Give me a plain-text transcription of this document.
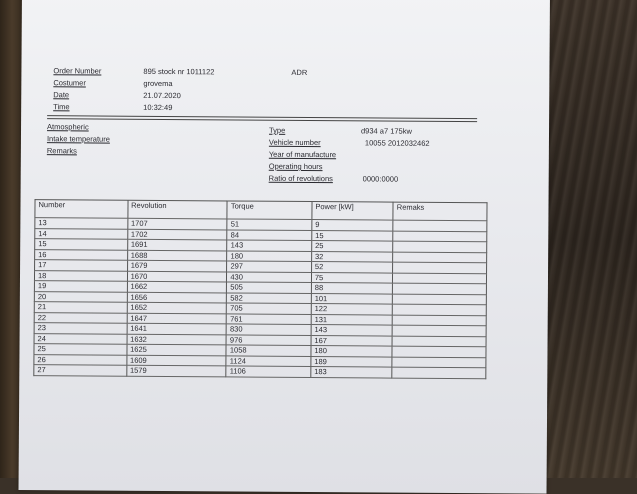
Order Number	895 stock nr 1011122	ADR
Costumer	grovema
Date	21.07.2020
Time	10:32:49
Atmospheric
Intake temperature
Remarks
Type	d934 a7 175kw
Vehicle number	10055 2012032462
Year of manufacture
Operating hours
Ratio of revolutions	0000:0000
Number	Revolution	Torque	Power [kW]	Remaks
13	1707	51	9	
14	1702	84	15	
15	1691	143	25	
16	1688	180	32	
17	1679	297	52	
18	1670	430	75	
19	1662	505	88	
20	1656	582	101	
21	1652	705	122	
22	1647	761	131	
23	1641	830	143	
24	1632	976	167	
25	1625	1058	180	
26	1609	1124	189	
27	1579	1106	183	
